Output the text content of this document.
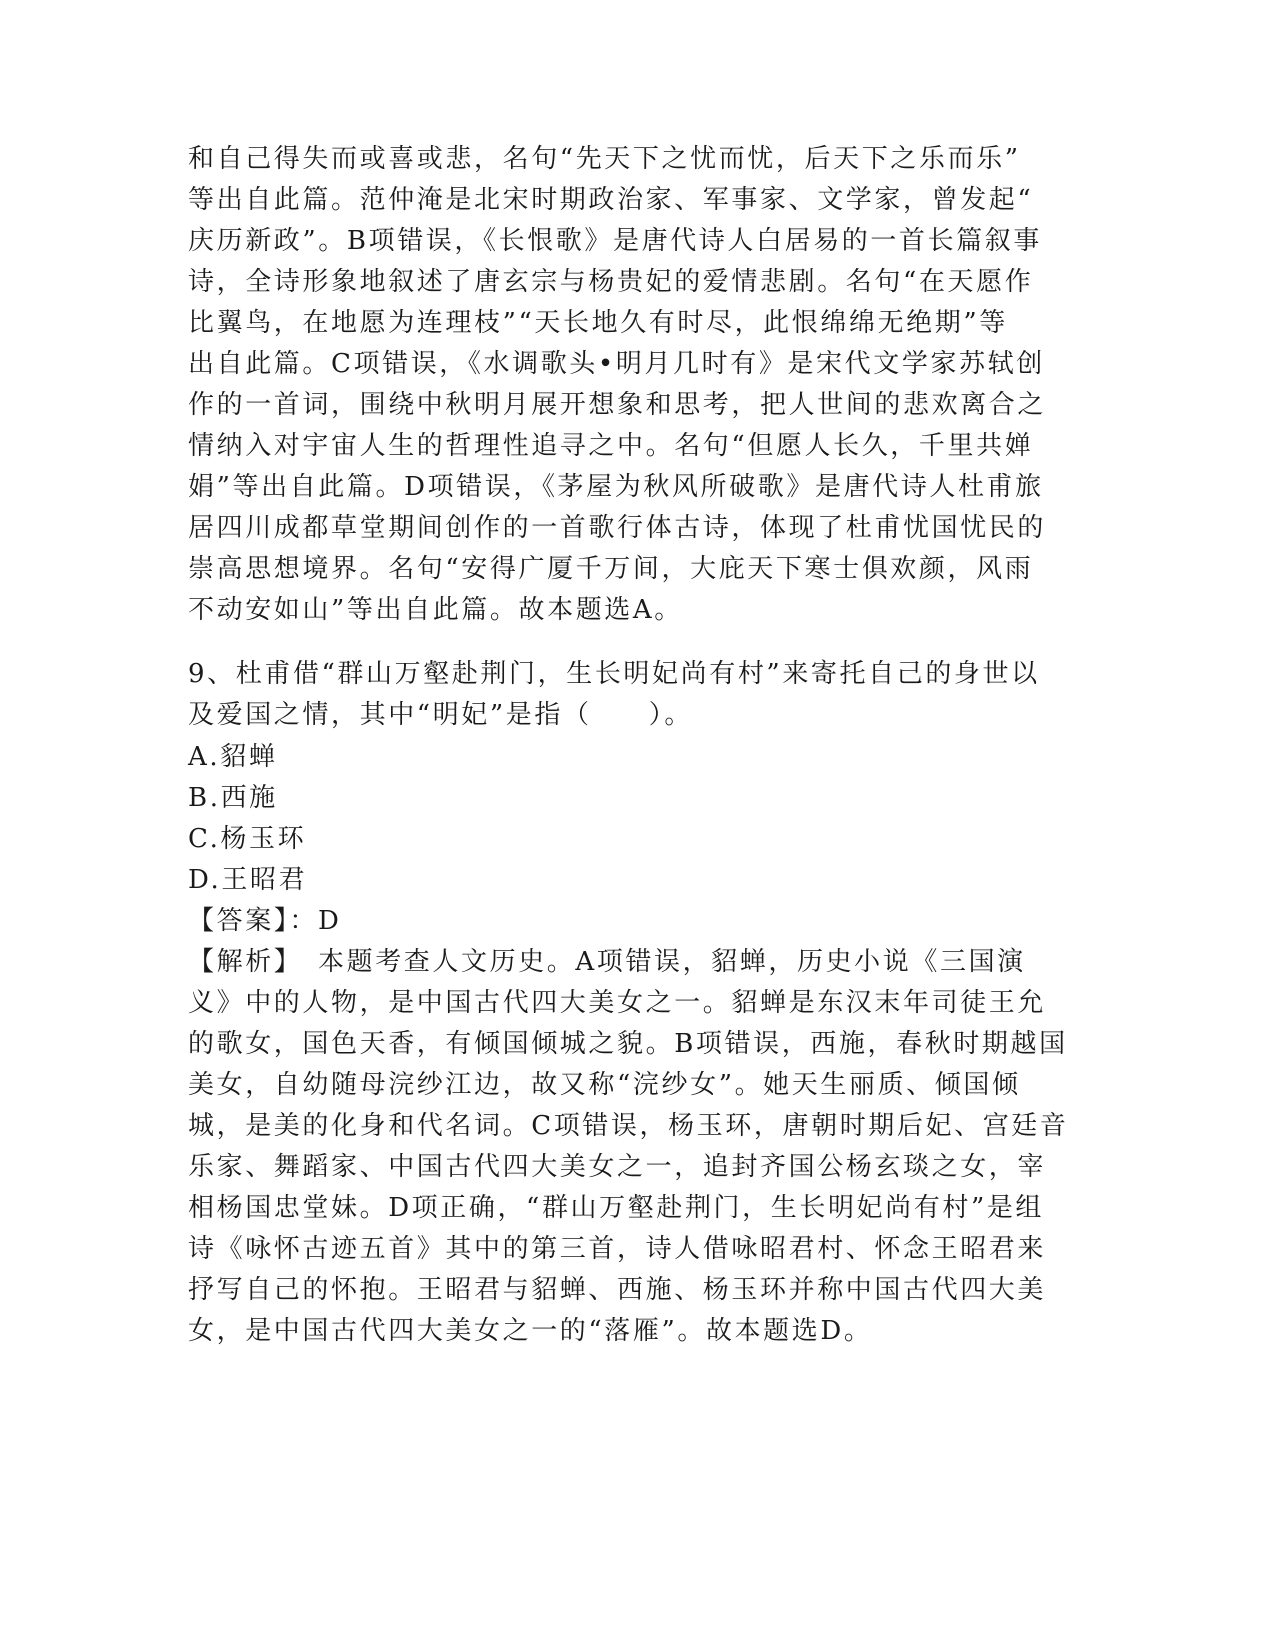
和自己得失而或喜或悲，名句“先天下之忧而忧，后天下之乐而乐”
等出自此篇。范仲淹是北宋时期政治家、军事家、文学家，曾发起“
庆历新政”。B项错误，《长恨歌》是唐代诗人白居易的一首长篇叙事
诗，全诗形象地叙述了唐玄宗与杨贵妃的爱情悲剧。名句“在天愿作
比翼鸟，在地愿为连理枝”“天长地久有时尽，此恨绵绵无绝期”等
出自此篇。C项错误，《水调歌头•明月几时有》是宋代文学家苏轼创
作的一首词，围绕中秋明月展开想象和思考，把人世间的悲欢离合之
情纳入对宇宙人生的哲理性追寻之中。名句“但愿人长久，千里共婵
娟”等出自此篇。D项错误，《茅屋为秋风所破歌》是唐代诗人杜甫旅
居四川成都草堂期间创作的一首歌行体古诗，体现了杜甫忧国忧民的
崇高思想境界。名句“安得广厦千万间，大庇天下寒士俱欢颜，风雨
不动安如山”等出自此篇。故本题选A。
9、杜甫借“群山万壑赴荆门，生长明妃尚有村”来寄托自己的身世以
及爱国之情，其中“明妃”是指（　　）。
A.貂蝉
B.西施
C.杨玉环
D.王昭君
【答案】：D
【解析】　本题考查人文历史。A项错误，貂蝉，历史小说《三国演
义》中的人物，是中国古代四大美女之一。貂蝉是东汉末年司徒王允
的歌女，国色天香，有倾国倾城之貌。B项错误，西施，春秋时期越国
美女，自幼随母浣纱江边，故又称“浣纱女”。她天生丽质、倾国倾
城，是美的化身和代名词。C项错误，杨玉环，唐朝时期后妃、宫廷音
乐家、舞蹈家、中国古代四大美女之一，追封齐国公杨玄琰之女，宰
相杨国忠堂妹。D项正确，“群山万壑赴荆门，生长明妃尚有村”是组
诗《咏怀古迹五首》其中的第三首，诗人借咏昭君村、怀念王昭君来
抒写自己的怀抱。王昭君与貂蝉、西施、杨玉环并称中国古代四大美
女，是中国古代四大美女之一的“落雁”。故本题选D。
